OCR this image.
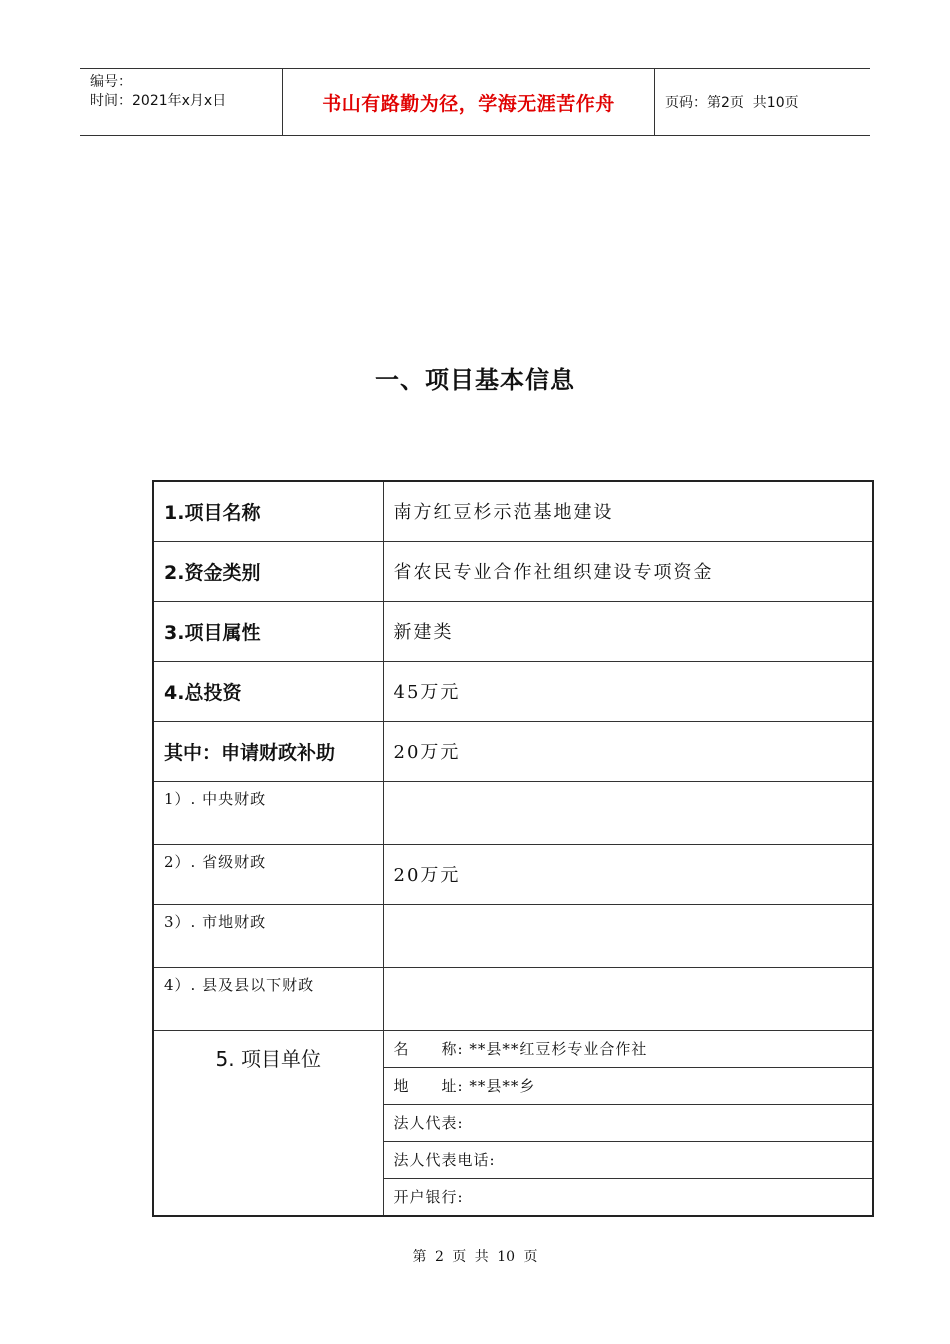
编号：
时间：2021年x月x日	书山有路勤为径，学海无涯苦作舟	页码：第2页  共10页
一、项目基本信息
1.项目名称	南方红豆杉示范基地建设
2.资金类别	省农民专业合作社组织建设专项资金
3.项目属性	新建类
4.总投资	45万元
其中：申请财政补助	20万元
1）. 中央财政	
2）. 省级财政	20万元
3）. 市地财政	
4）. 县及县以下财政	
5. 项目单位	名　　称: **县**红豆杉专业合作社
	地　　址: **县**乡
	法人代表:
	法人代表电话:
	开户银行:
第 2 页 共 10 页
